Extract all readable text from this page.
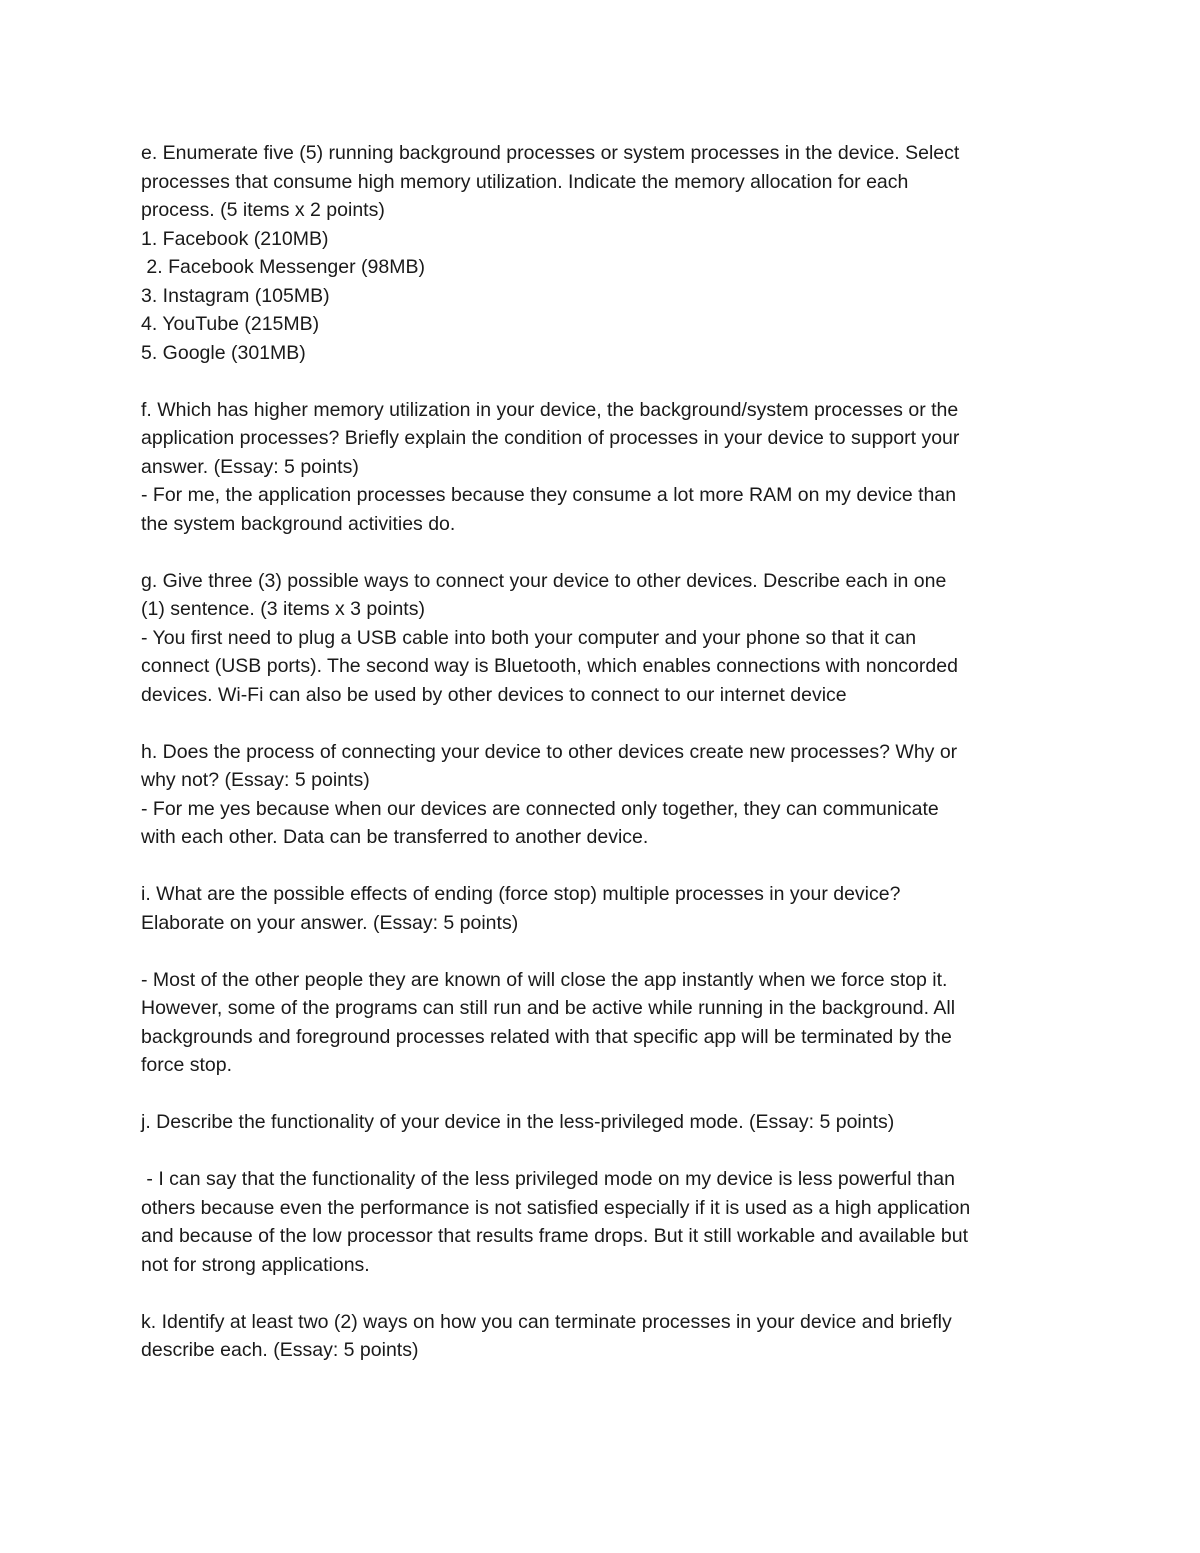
e. Enumerate five (5) running background processes or system processes in the device. Select
processes that consume high memory utilization. Indicate the memory allocation for each
process. (5 items x 2 points)
1. Facebook (210MB)
2. Facebook Messenger (98MB)
3. Instagram (105MB)
4. YouTube (215MB)
5. Google (301MB)
f. Which has higher memory utilization in your device, the background/system processes or the
application processes? Briefly explain the condition of processes in your device to support your
answer. (Essay: 5 points)
- For me, the application processes because they consume a lot more RAM on my device than
the system background activities do.
g. Give three (3) possible ways to connect your device to other devices. Describe each in one
(1) sentence. (3 items x 3 points)
- You first need to plug a USB cable into both your computer and your phone so that it can
connect (USB ports). The second way is Bluetooth, which enables connections with noncorded
devices. Wi-Fi can also be used by other devices to connect to our internet device
h. Does the process of connecting your device to other devices create new processes? Why or
why not? (Essay: 5 points)
- For me yes because when our devices are connected only together, they can communicate
with each other. Data can be transferred to another device.
i. What are the possible effects of ending (force stop) multiple processes in your device?
Elaborate on your answer. (Essay: 5 points)
- Most of the other people they are known of will close the app instantly when we force stop it.
However, some of the programs can still run and be active while running in the background. All
backgrounds and foreground processes related with that specific app will be terminated by the
force stop.
j. Describe the functionality of your device in the less-privileged mode. (Essay: 5 points)
- I can say that the functionality of the less privileged mode on my device is less powerful than
others because even the performance is not satisfied especially if it is used as a high application
and because of the low processor that results frame drops. But it still workable and available but
not for strong applications.
k. Identify at least two (2) ways on how you can terminate processes in your device and briefly
describe each. (Essay: 5 points)
